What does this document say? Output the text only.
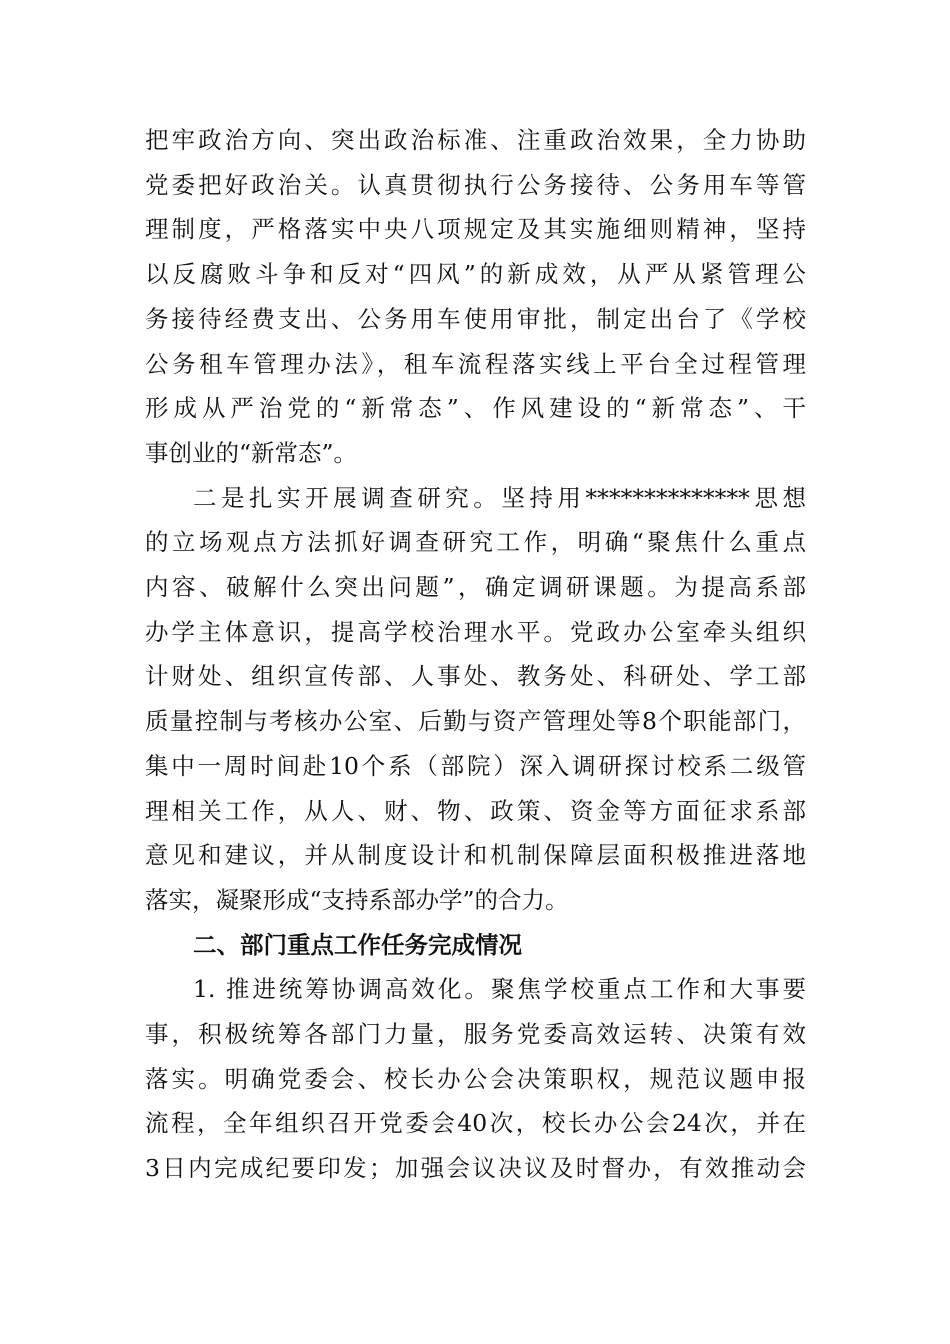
把牢政治方向、突出政治标准、注重政治效果，全力协助
党委把好政治关。认真贯彻执行公务接待、公务用车等管
理制度，严格落实中央八项规定及其实施细则精神，坚持
以反腐败斗争和反对“四风”的新成效，从严从紧管理公
务接待经费支出、公务用车使用审批，制定出台了《学校
公务租车管理办法》，租车流程落实线上平台全过程管理
形成从严治党的“新常态”、作风建设的“新常态”、干
事创业的“新常态”。
二是扎实开展调查研究。坚持用**************思想
的立场观点方法抓好调查研究工作，明确“聚焦什么重点
内容、破解什么突出问题”，确定调研课题。为提高系部
办学主体意识，提高学校治理水平。党政办公室牵头组织
计财处、组织宣传部、人事处、教务处、科研处、学工部
质量控制与考核办公室、后勤与资产管理处等8个职能部门，
集中一周时间赴10个系（部院）深入调研探讨校系二级管
理相关工作，从人、财、物、政策、资金等方面征求系部
意见和建议，并从制度设计和机制保障层面积极推进落地
落实，凝聚形成“支持系部办学”的合力。
二、部门重点工作任务完成情况
1. 推进统筹协调高效化。聚焦学校重点工作和大事要
事，积极统筹各部门力量，服务党委高效运转、决策有效
落实。明确党委会、校长办公会决策职权，规范议题申报
流程，全年组织召开党委会40次，校长办公会24次，并在
3日内完成纪要印发；加强会议决议及时督办，有效推动会
